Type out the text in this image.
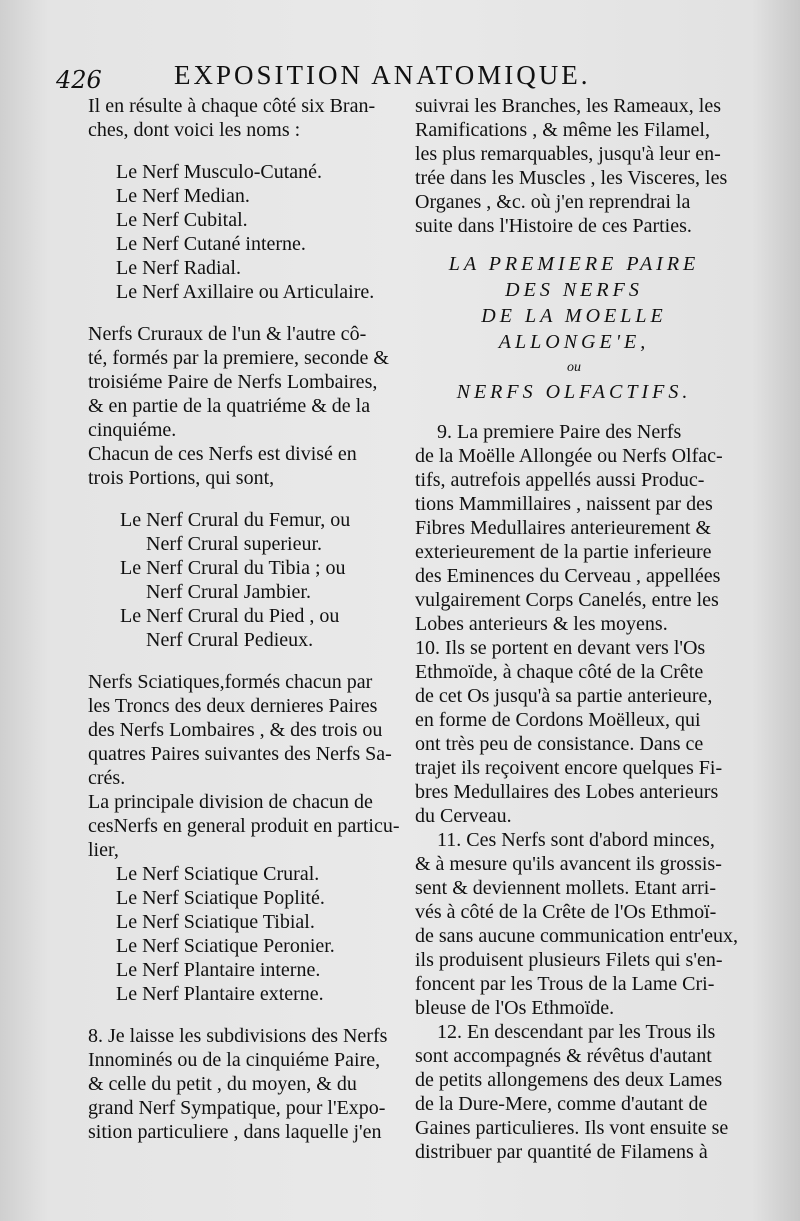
426	EXPOSITION ANATOMIQUE.
Il en résulte à chaque côté six Bran-
ches, dont voici les noms :
Le Nerf Musculo-Cutané.
Le Nerf Median.
Le Nerf Cubital.
Le Nerf Cutané interne.
Le Nerf Radial.
Le Nerf Axillaire ou Articulaire.
Nerfs Cruraux de l'un & l'autre cô-
té, formés par la premiere, seconde &
troisiéme Paire de Nerfs Lombaires,
& en partie de la quatriéme & de la
cinquiéme.
Chacun de ces Nerfs est divisé en
trois Portions, qui sont,
Le Nerf Crural du Femur, ou
Nerf Crural superieur.
Le Nerf Crural du Tibia ; ou
Nerf Crural Jambier.
Le Nerf Crural du Pied , ou
Nerf Crural Pedieux.
Nerfs Sciatiques,formés chacun par
les Troncs des deux dernieres Paires
des Nerfs Lombaires , & des trois ou
quatres Paires suivantes des Nerfs Sa-
crés.
La principale division de chacun de
cesNerfs en general produit en particu-
lier,
Le Nerf Sciatique Crural.
Le Nerf Sciatique Poplité.
Le Nerf Sciatique Tibial.
Le Nerf Sciatique Peronier.
Le Nerf Plantaire interne.
Le Nerf Plantaire externe.
8. Je laisse les subdivisions des Nerfs
Innominés ou de la cinquiéme Paire,
& celle du petit , du moyen, & du
grand Nerf Sympatique, pour l'Expo-
sition particuliere , dans laquelle j'en
suivrai les Branches, les Rameaux, les
Ramifications , & même les Filamel,
les plus remarquables, jusqu'à leur en-
trée dans les Muscles , les Visceres, les
Organes , &c. où j'en reprendrai la
suite dans l'Histoire de ces Parties.
LA PREMIERE PAIRE
DES NERFS
DE LA MOELLE
ALLONGE'E,
ou
NERFS OLFACTIFS.
9. La premiere Paire des Nerfs
de la Moëlle Allongée ou Nerfs Olfac-
tifs, autrefois appellés aussi Produc-
tions Mammillaires , naissent par des
Fibres Medullaires anterieurement &
exterieurement de la partie inferieure
des Eminences du Cerveau , appellées
vulgairement Corps Canelés, entre les
Lobes anterieurs & les moyens.
10. Ils se portent en devant vers l'Os
Ethmoïde, à chaque côté de la Crête
de cet Os jusqu'à sa partie anterieure,
en forme de Cordons Moëlleux, qui
ont très peu de consistance. Dans ce
trajet ils reçoivent encore quelques Fi-
bres Medullaires des Lobes anterieurs
du Cerveau.
11. Ces Nerfs sont d'abord minces,
& à mesure qu'ils avancent ils grossis-
sent & deviennent mollets. Etant arri-
vés à côté de la Crête de l'Os Ethmoï-
de sans aucune communication entr'eux,
ils produisent plusieurs Filets qui s'en-
foncent par les Trous de la Lame Cri-
bleuse de l'Os Ethmoïde.
12. En descendant par les Trous ils
sont accompagnés & révêtus d'autant
de petits allongemens des deux Lames
de la Dure-Mere, comme d'autant de
Gaines particulieres. Ils vont ensuite se
distribuer par quantité de Filamens à
